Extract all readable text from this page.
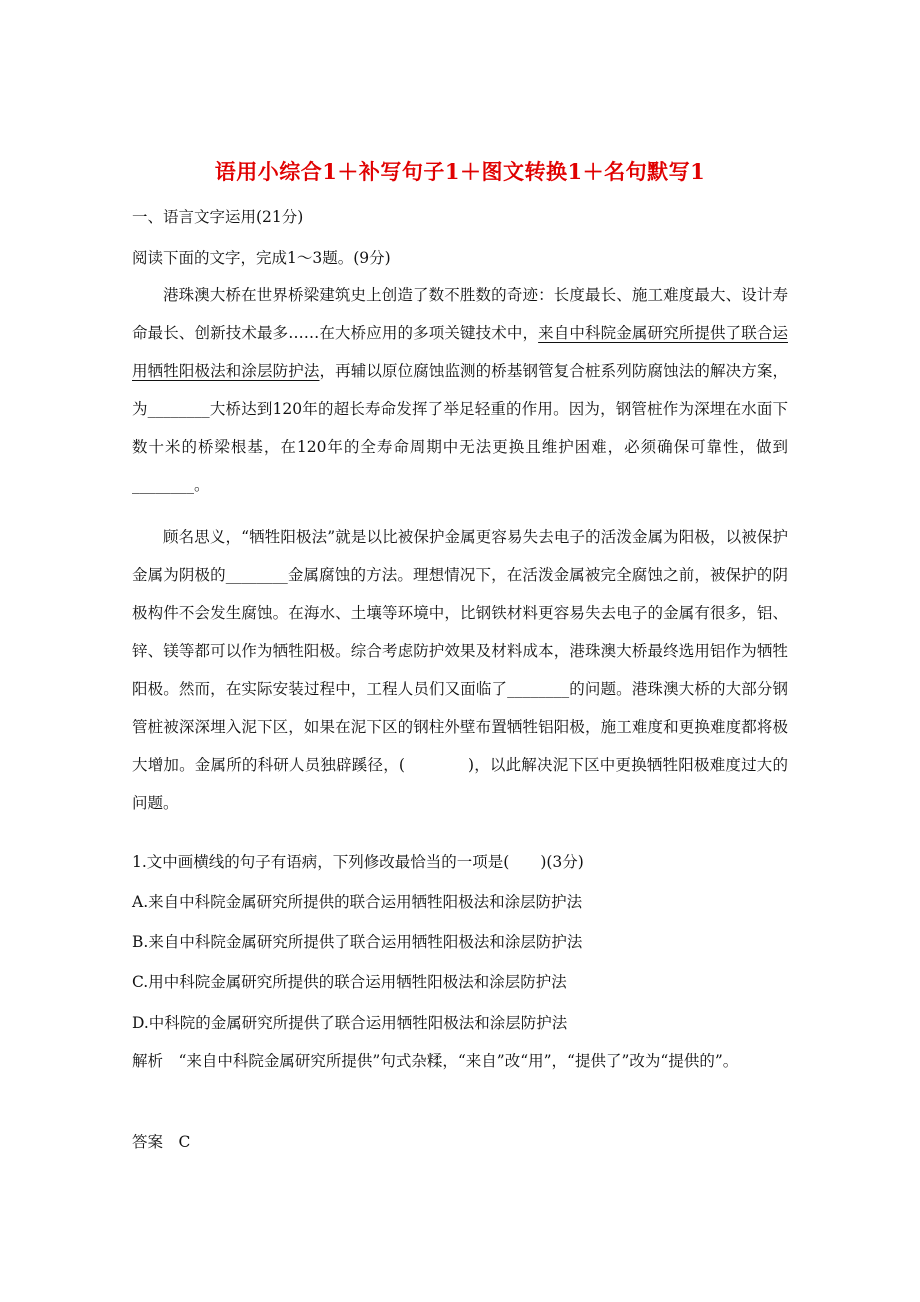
语用小综合1＋补写句子1＋图文转换1＋名句默写1
一、语言文字运用(21分)
阅读下面的文字，完成1～3题。(9分)

港珠澳大桥在世界桥梁建筑史上创造了数不胜数的奇迹：长度最长、施工难度最大、设计寿命最长、创新技术最多……在大桥应用的多项关键技术中，来自中科院金属研究所提供了联合运用牺牲阳极法和涂层防护法，再辅以原位腐蚀监测的桥基钢管复合桩系列防腐蚀法的解决方案，为________大桥达到120年的超长寿命发挥了举足轻重的作用。因为，钢管桩作为深埋在水面下数十米的桥梁根基，在120年的全寿命周期中无法更换且维护困难，必须确保可靠性，做到________。

顾名思义，“牺牲阳极法”就是以比被保护金属更容易失去电子的活泼金属为阳极，以被保护金属为阴极的________金属腐蚀的方法。理想情况下，在活泼金属被完全腐蚀之前，被保护的阴极构件不会发生腐蚀。在海水、土壤等环境中，比钢铁材料更容易失去电子的金属有很多，铝、锌、镁等都可以作为牺牲阳极。综合考虑防护效果及材料成本，港珠澳大桥最终选用铝作为牺牲阳极。然而，在实际安装过程中，工程人员们又面临了________的问题。港珠澳大桥的大部分钢管桩被深深埋入泥下区，如果在泥下区的钢柱外壁布置牺牲铝阳极，施工难度和更换难度都将极大增加。金属所的科研人员独辟蹊径，(　　　　)，以此解决泥下区中更换牺牲阳极难度过大的问题。

1.文中画横线的句子有语病，下列修改最恰当的一项是(　　)(3分)
A.来自中科院金属研究所提供的联合运用牺牲阳极法和涂层防护法
B.来自中科院金属研究所提供了联合运用牺牲阳极法和涂层防护法
C.用中科院金属研究所提供的联合运用牺牲阳极法和涂层防护法
D.中科院的金属研究所提供了联合运用牺牲阳极法和涂层防护法

解析　“来自中科院金属研究所提供”句式杂糅，“来自”改“用”，“提供了”改为“提供的”。

答案　C
